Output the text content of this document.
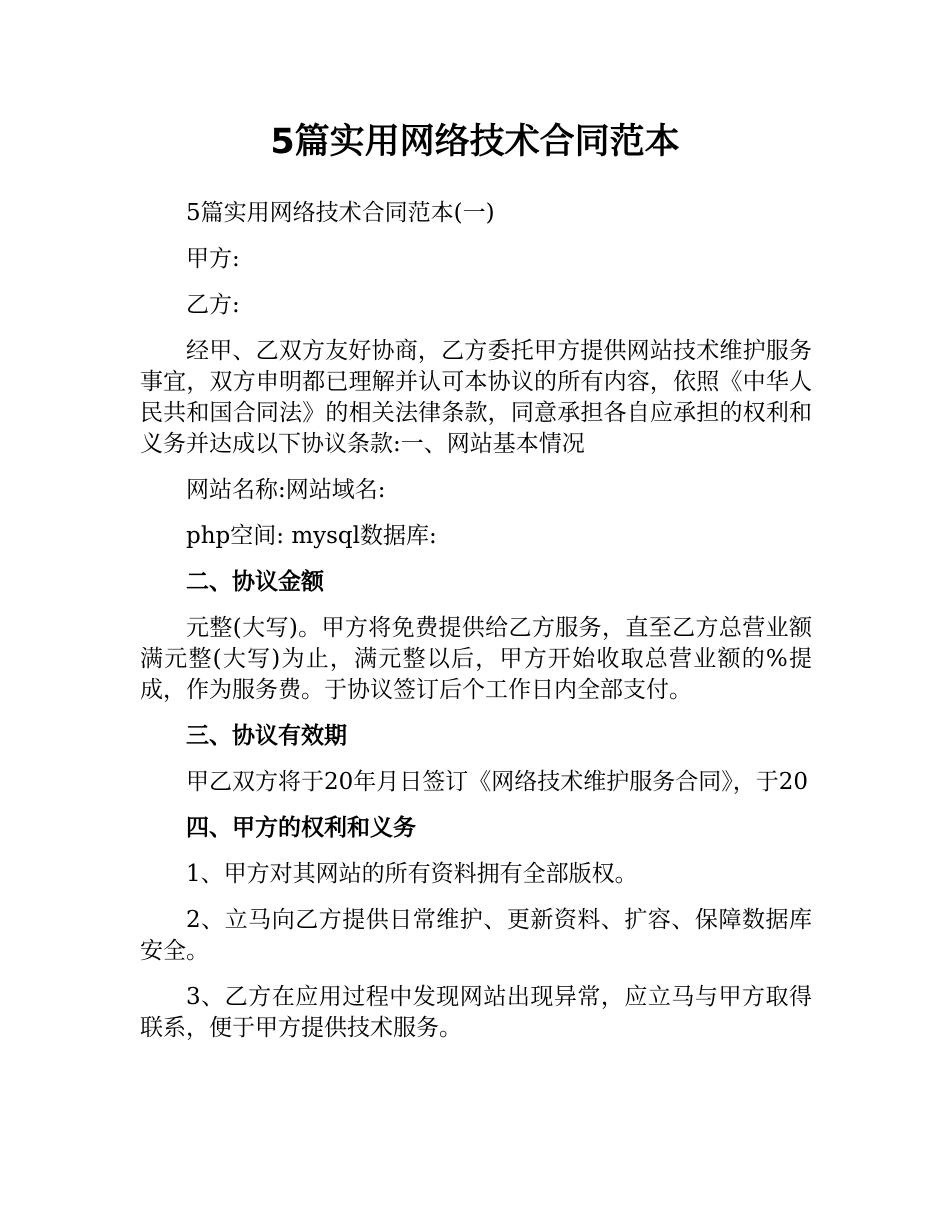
5篇实用网络技术合同范本

5篇实用网络技术合同范本(一)

甲方:

乙方:

经甲、乙双方友好协商，乙方委托甲方提供网站技术维护服务事宜，双方申明都已理解并认可本协议的所有内容，依照《中华人民共和国合同法》的相关法律条款，同意承担各自应承担的权利和义务并达成以下协议条款:一、网站基本情况

网站名称:网站域名:

php空间: mysql数据库:

二、协议金额

元整(大写)。甲方将免费提供给乙方服务，直至乙方总营业额满元整(大写)为止，满元整以后，甲方开始收取总营业额的%提成，作为服务费。于协议签订后个工作日内全部支付。

三、协议有效期

甲乙双方将于20年月日签订《网络技术维护服务合同》，于20

四、甲方的权利和义务

1、甲方对其网站的所有资料拥有全部版权。

2、立马向乙方提供日常维护、更新资料、扩容、保障数据库安全。

3、乙方在应用过程中发现网站出现异常，应立马与甲方取得联系，便于甲方提供技术服务。
